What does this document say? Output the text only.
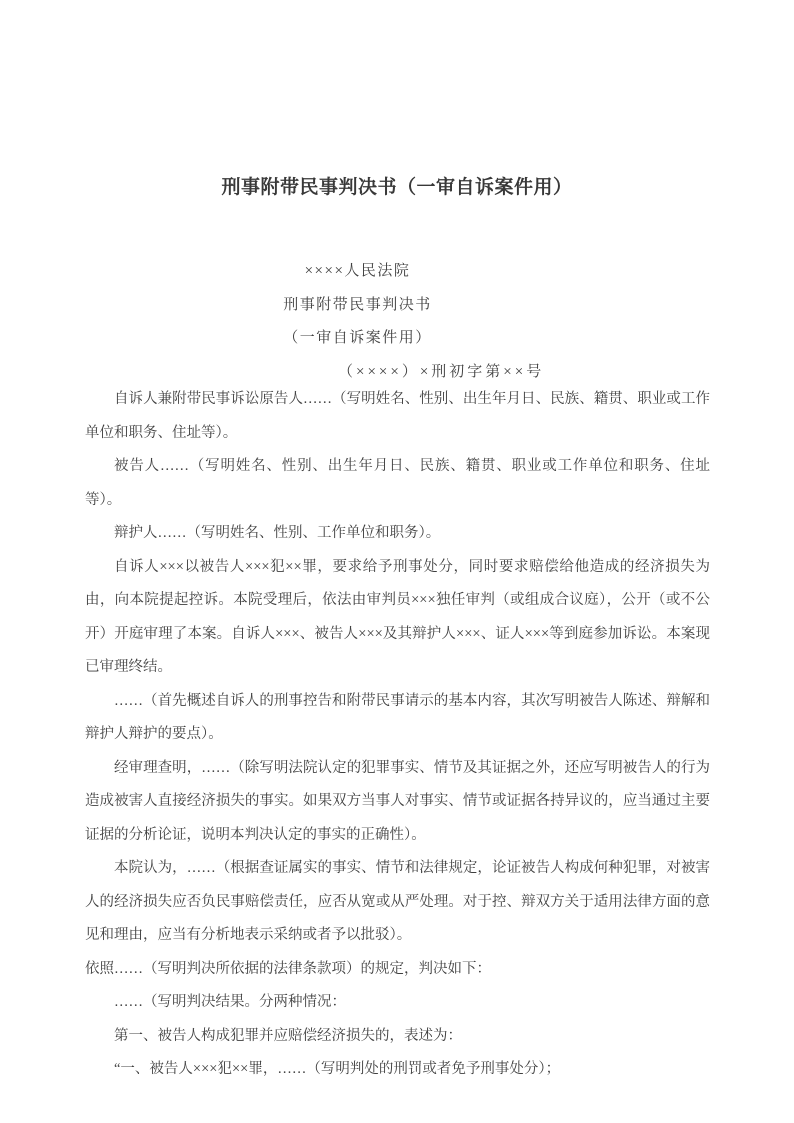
刑事附带民事判决书（一审自诉案件用）
××××人民法院
刑事附带民事判决书
（一审自诉案件用）
（××××）×刑初字第××号

自诉人兼附带民事诉讼原告人……（写明姓名、性别、出生年月日、民族、籍贯、职业或工作单位和职务、住址等）。

被告人……（写明姓名、性别、出生年月日、民族、籍贯、职业或工作单位和职务、住址等）。

辩护人……（写明姓名、性别、工作单位和职务）。

自诉人×××以被告人×××犯××罪，要求给予刑事处分，同时要求赔偿给他造成的经济损失为由，向本院提起控诉。本院受理后，依法由审判员×××独任审判（或组成合议庭），公开（或不公开）开庭审理了本案。自诉人×××、被告人×××及其辩护人×××、证人×××等到庭参加诉讼。本案现已审理终结。

……（首先概述自诉人的刑事控告和附带民事请示的基本内容，其次写明被告人陈述、辩解和辩护人辩护的要点）。

经审理查明，……（除写明法院认定的犯罪事实、情节及其证据之外，还应写明被告人的行为造成被害人直接经济损失的事实。如果双方当事人对事实、情节或证据各持异议的，应当通过主要证据的分析论证，说明本判决认定的事实的正确性）。

本院认为，……（根据查证属实的事实、情节和法律规定，论证被告人构成何种犯罪，对被害人的经济损失应否负民事赔偿责任，应否从宽或从严处理。对于控、辩双方关于适用法律方面的意见和理由，应当有分析地表示采纳或者予以批驳）。

依照……（写明判决所依据的法律条款项）的规定，判决如下：

……（写明判决结果。分两种情况：

第一、被告人构成犯罪并应赔偿经济损失的，表述为：

“一、被告人×××犯××罪，……（写明判处的刑罚或者免予刑事处分）；
